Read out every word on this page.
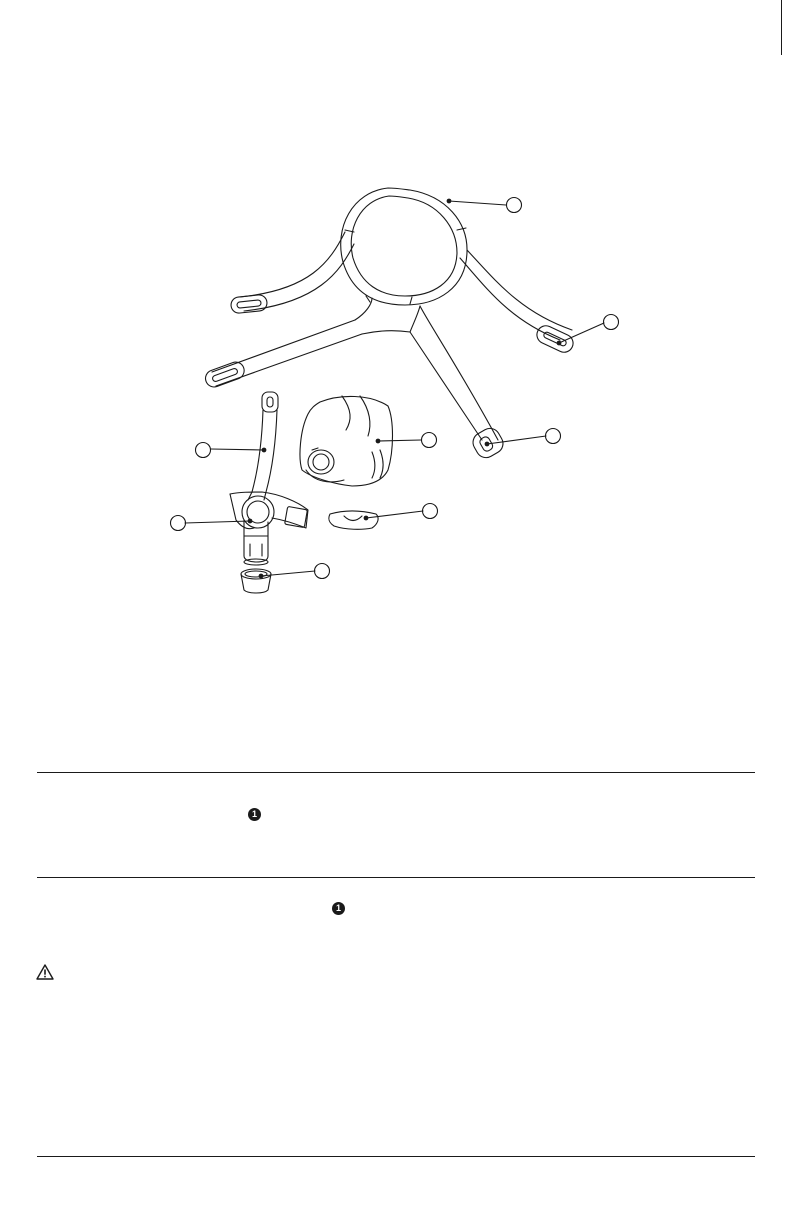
1
1
